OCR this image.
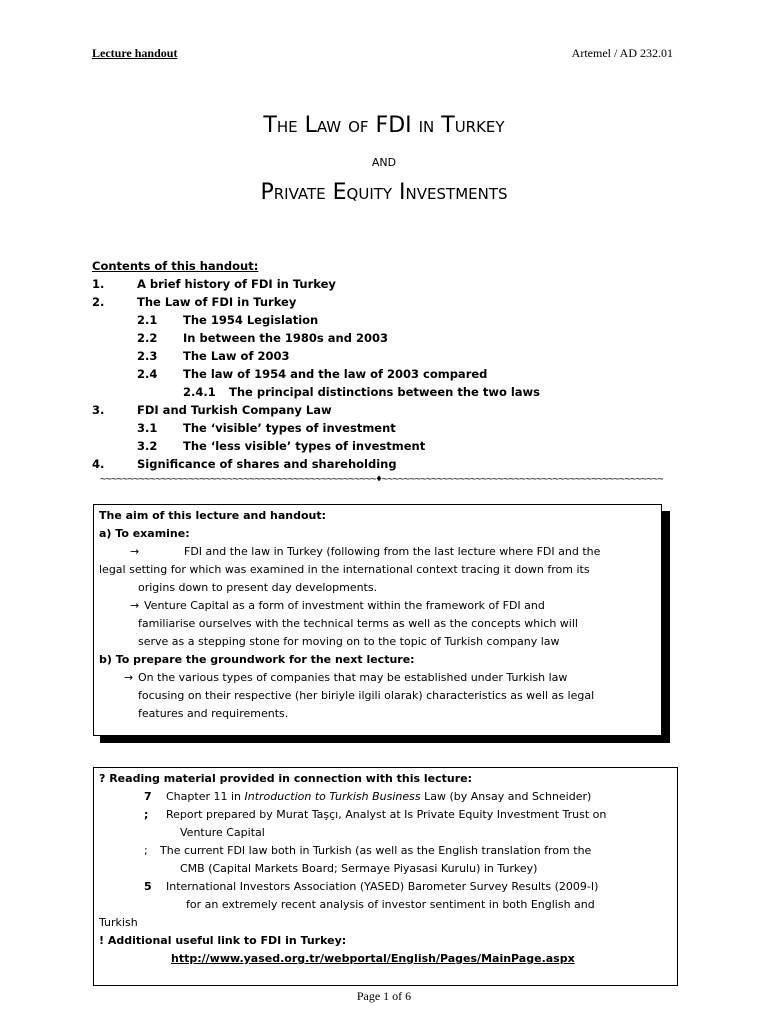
Lecture handout	Artemel / AD 232.01
The Law of FDI in Turkey
and
Private Equity Investments
Contents of this handout:
1.	A brief history of FDI in Turkey
2.	The Law of FDI in Turkey
2.1 The 1954 Legislation
2.2 In between the 1980s and 2003
2.3 The Law of 2003
2.4 The law of 1954 and the law of 2003 compared
2.4.1 The principal distinctions between the two laws
3.	FDI and Turkish Company Law
3.1 The ‘visible’ types of investment
3.2 The ‘less visible’ types of investment
4.	Significance of shares and shareholding
~~~~~~~~~~~~~~~~~~~~~~~~~~~~~~~~~~~~~~~~~~~~~~~~~~♦~~~~~~~~~~~~~~~~~~~~~~~~~~~~~~~~~~~~~~~~~~~~~~~~~~~
The aim of this lecture and handout:
a) To examine:
→	FDI and the law in Turkey (following from the last lecture where FDI and the
legal setting for which was examined in the international context tracing it down from its
origins down to present day developments.
→ Venture Capital as a form of investment within the framework of FDI and
familiarise ourselves with the technical terms as well as the concepts which will
serve as a stepping stone for moving on to the topic of Turkish company law
b) To prepare the groundwork for the next lecture:
→ On the various types of companies that may be established under Turkish law
focusing on their respective (her biriyle ilgili olarak) characteristics as well as legal
features and requirements.
? Reading material provided in connection with this lecture:
7 Chapter 11 in Introduction to Turkish Business Law (by Ansay and Schneider)
; Report prepared by Murat Taşçı, Analyst at Is Private Equity Investment Trust on
Venture Capital
; The current FDI law both in Turkish (as well as the English translation from the
CMB (Capital Markets Board; Sermaye Piyasasi Kurulu) in Turkey)
5 International Investors Association (YASED) Barometer Survey Results (2009-I)
for an extremely recent analysis of investor sentiment in both English and
Turkish
! Additional useful link to FDI in Turkey:
http://www.yased.org.tr/webportal/English/Pages/MainPage.aspx
Page 1 of 6
